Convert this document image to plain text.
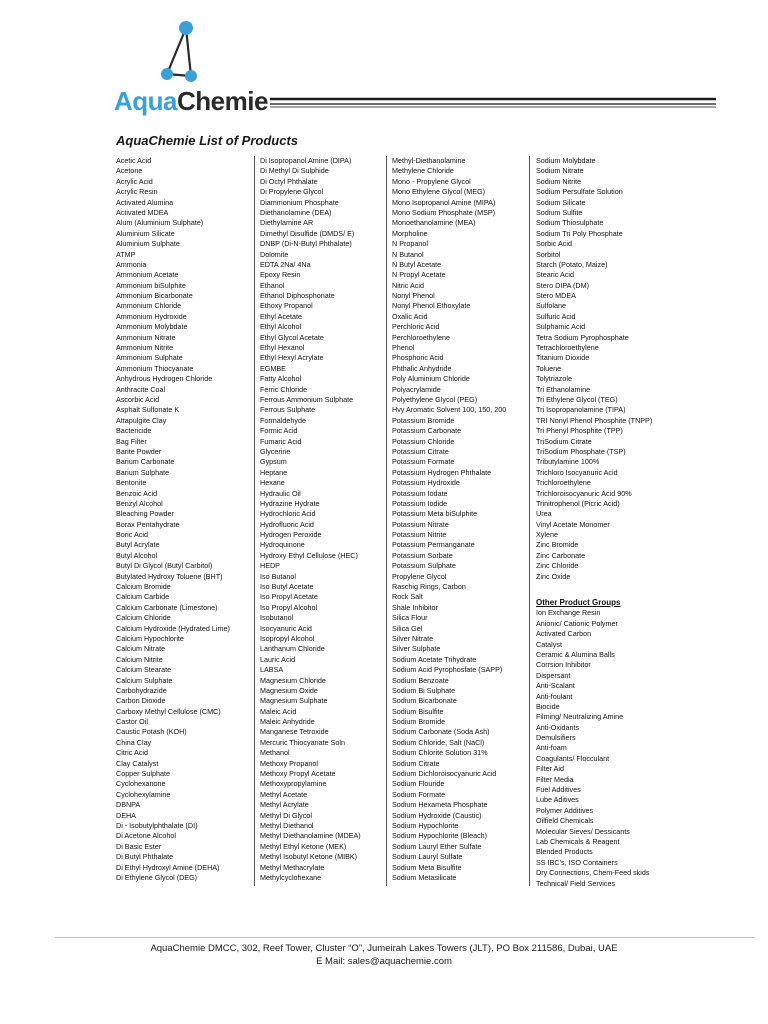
AquaChemie
AquaChemie List of Products
Acetic Acid
Acetone
Acrylic Acid
Acrylic Resin
Activated Alumina
Activated MDEA
Alum (Aluminium Sulphate)
Aluminium Silicate
Aluminium Sulphate
ATMP
Ammonia
Ammonium Acetate
Ammonium biSulphite
Ammonium Bicarbonate
Ammonium Chloride
Ammonium Hydroxide
Ammonium Molybdate
Ammonium Nitrate
Ammonium Nitrite
Ammonium Sulphate
Ammonium Thiocyanate
Anhydrous Hydrogen Chloride
Anthracite Coal
Ascorbic Acid
Asphalt Sulfonate K
Attapulgite Clay
Bactericide
Bag Filter
Barite Powder
Barium Carbonate
Barium Sulphate
Bentonite
Benzoic Acid
Benzyl Alcohol
Bleaching Powder
Borax Pentahydrate
Boric Acid
Butyl Acrylate
Butyl Alcohol
Butyl Di Glycol (Butyl Carbitol)
Butylated Hydroxy Toluene (BHT)
Calcium Bromide
Calcium Carbide
Calcium Carbonate (Limestone)
Calcium Chloride
Calcium Hydroxide (Hydrated Lime)
Calcium Hypochlorite
Calcium Nitrate
Calcium Nitrite
Calcium Stearate
Calcium Sulphate
Carbohydrazide
Carbon Dioxide
Carboxy Methyl Cellulose (CMC)
Castor Oil
Caustic Potash (KOH)
China Clay
Citric Acid
Clay Catalyst
Copper Sulphate
Cyclohexanone
Cyclohexylamine
DBNPA
DEHA
Di - Isobutylphthalate (DI)
Di Acetone Alcohol
Di Basic Ester
Di Butyl Phthalate
Di Ethyl Hydroxyl Amine (DEHA)
Di Ethylene Glycol (DEG)
Di Isopropanol Amine (DIPA)
Di Methyl Di Sulphide
Di Octyl Phthalate
Di Propylene Glycol
Diammonium Phosphate
Diethanolamine (DEA)
Diethylamine AR
Dimethyl Disulfide (DMDS/ E)
DNBP (Di-N-Butyl Phthalate)
Dolomite
EDTA 2Na/ 4Na
Epoxy Resin
Ethanol
Ethanol Diphosphonate
Ethoxy Propanol
Ethyl Acetate
Ethyl Alcohol
Ethyl Glycol Acetate
Ethyl Hexanol
Ethyl Hexyl Acrylate
EGMBE
Fatty Alcohol
Ferric Chloride
Ferrous Ammonium Sulphate
Ferrous Sulphate
Formaldehyde
Formic Acid
Fumaric Acid
Glycerine
Gypsum
Heptane
Hexane
Hydraulic Oil
Hydrazine Hydrate
Hydrochloric Acid
Hydrofluoric Acid
Hydrogen Peroxide
Hydroquinone
Hydroxy Ethyl Cellulose (HEC)
HEDP
Iso Butanol
Iso Butyl Acetate
Iso Propyl Acetate
Iso Propyl Alcohol
Isobutanol
Isocyanuric Acid
Isopropyl Alcohol
Lanthanum Chloride
Lauric Acid
LABSA
Magnesium Chloride
Magnesium Oxide
Magnesium Sulphate
Maleic Acid
Maleic Anhydride
Manganese Tetroxide
Mercuric Thiocyanate Soln
Methanol
Methoxy Propanol
Methoxy Propyl Acetate
Methoxypropylamine
Methyl Acetate
Methyl Acrylate
Methyl Di Glycol
Methyl Diethanol
Methyl Diethanolamine (MDEA)
Methyl Ethyl Ketone (MEK)
Methyl Isobutyl Ketone (MIBK)
Methyl Methacrylate
Methylcyclohexane
Methyl-Diethanolamine
Methylene Chloride
Mono - Propylene Glycol
Mono Ethylene Glycol (MEG)
Mono Isopropanol Amine (MIPA)
Mono Sodium Phosphate (MSP)
Monoethanolamine (MEA)
Morpholine
N Propanol
N Butanol
N Butyl Acetate
N Propyl Acetate
Nitric Acid
Nonyl Phenol
Nonyl Phenol Ethoxylate
Oxalic Acid
Perchloric Acid
Perchloroethylene
Phenol
Phosphoric Acid
Phthalic Anhydride
Poly Aluminium Chloride
Polyacrylamide
Polyethylene Glycol (PEG)
Hvy Aromatic Solvent 100, 150, 200
Potassium Bromide
Potassium Carbonate
Potassium Chloride
Potassium Citrate
Potassium Formate
Potassium Hydrogen Phthalate
Potassium Hydroxide
Potassium Iodate
Potassium Iodide
Potassium Meta biSulphite
Potassium Nitrate
Potassium Nitrite
Potassium Permanganate
Potassium Sorbate
Potassium Sulphate
Propylene Glycol
Raschig Rings, Carbon
Rock Salt
Shale Inhibitor
Silica Flour
Silica Gel
Silver Nitrate
Silver Sulphate
Sodium Acetate Trihydrate
Sodium Acid Pyrophosfate (SAPP)
Sodium Benzoate
Sodium Bi Sulphate
Sodium Bicarbonate
Sodium Bisulfite
Sodium Bromide
Sodium Carbonate (Soda Ash)
Sodium Chloride, Salt (NaCl)
Sodium Chlorite Solution 31%
Sodium Citrate
Sodium Dichloroisocyanuric Acid
Sodium Flouride
Sodium Formate
Sodium Hexameta Phosphate
Sodium Hydroxide (Caustic)
Sodium Hypochlorite
Sodium Hypochlorite (Bleach)
Sodium Lauryl Ether Sulfate
Sodium Lauryl Sulfate
Sodium Meta Bisulfite
Sodium Metasilicate
Sodium Molybdate
Sodium Nitrate
Sodium Nitrite
Sodium Persulfate Solution
Sodium Silicate
Sodium Sulfite
Sodium Thiosulphate
Sodium Tri Poly Phosphate
Sorbic Acid
Sorbitol
Starch (Potato, Maize)
Stearic Acid
Stero DIPA (DM)
Stero MDEA
Sulfolane
Sulfuric Acid
Sulphamic Acid
Tetra Sodium Pyrophosphate
Tetrachloroethylene
Titanium Dioxide
Toluene
Tolytriazole
Tri Ethanolamine
Tri Ethylene Glycol (TEG)
Tri Isopropanolamine (TIPA)
TRI Nonyl Phenol Phosphite (TNPP)
Tri Phenyl Phosphite (TPP)
TriSodium Citrate
TriSodium Phosphate (TSP)
Tributylamine 100%
Trichloro Isocyanuric Acid
Trichloroethylene
Trichloroisocyanuric Acid 90%
Trinitrophenol (Picric Acid)
Urea
Vinyl Acetate Monomer
Xylene
Zinc Bromide
Zinc Carbonate
Zinc Chloride
Zinc Oxide
Other Product Groups
Ion Exchange Resin
Anionic/ Cationic Polymer
Activated Carbon
Catalyst
Ceramic & Alumina Balls
Corrsion Inhibitor
Dispersant
Anti-Scalant
Anti-foulant
Biocide
Filming/ Neutralizing Amine
Anti-Oxidants
Demulsifiers
Anti-foam
Coagulants/ Flocculant
Filter Aid
Filter Media
Fuel Additives
Lube Aditives
Polymer Additives
Oilfield Chemicals
Molecular Sieves/ Dessicants
Lab Chemicals & Reagent
Blended Products
SS IBC's, ISO Containers
Dry Connections, Chem-Feed skids
Technical/ Field Services
AquaChemie DMCC, 302, Reef Tower, Cluster “O”, Jumeirah Lakes Towers (JLT), PO Box 211586, Dubai, UAE
E Mail: sales@aquachemie.com
